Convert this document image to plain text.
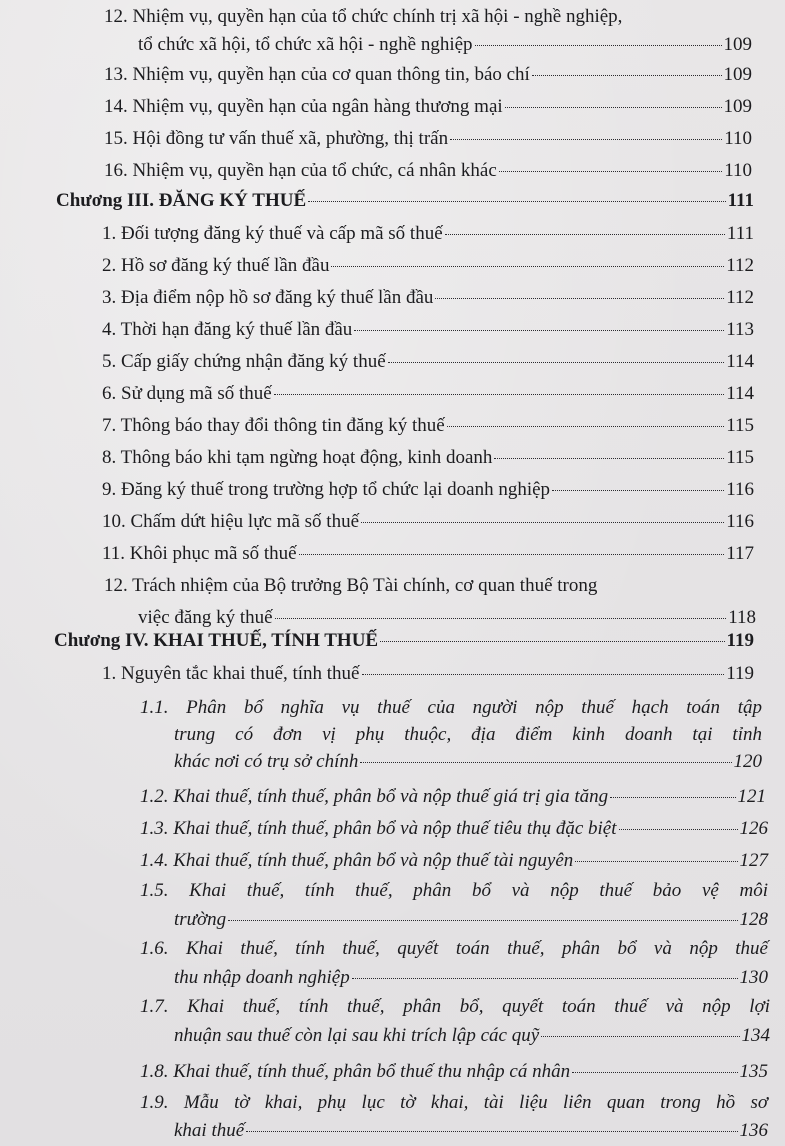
12. Nhiệm vụ, quyền hạn của tổ chức chính trị xã hội - nghề nghiệp,
tổ chức xã hội, tổ chức xã hội - nghề nghiệp	109
13. Nhiệm vụ, quyền hạn của cơ quan thông tin, báo chí	109
14. Nhiệm vụ, quyền hạn của ngân hàng thương mại	109
15. Hội đồng tư vấn thuế xã, phường, thị trấn	110
16. Nhiệm vụ, quyền hạn của tổ chức, cá nhân khác	110
Chương III. ĐĂNG KÝ THUẾ	111
1. Đối tượng đăng ký thuế và cấp mã số thuế	111
2. Hồ sơ đăng ký thuế lần đầu	112
3. Địa điểm nộp hồ sơ đăng ký thuế lần đầu	112
4. Thời hạn đăng ký thuế lần đầu	113
5. Cấp giấy chứng nhận đăng ký thuế	114
6. Sử dụng mã số thuế	114
7. Thông báo thay đổi thông tin đăng ký thuế	115
8. Thông báo khi tạm ngừng hoạt động, kinh doanh	115
9. Đăng ký thuế trong trường hợp tổ chức lại doanh nghiệp	116
10. Chấm dứt hiệu lực mã số thuế	116
11. Khôi phục mã số thuế	117
12. Trách nhiệm của Bộ trưởng Bộ Tài chính, cơ quan thuế trong
việc đăng ký thuế	118
Chương IV. KHAI THUẾ, TÍNH THUẾ	119
1. Nguyên tắc khai thuế, tính thuế	119
1.1. Phân bổ nghĩa vụ thuế của người nộp thuế hạch toán tập
trung có đơn vị phụ thuộc, địa điểm kinh doanh tại tỉnh
khác nơi có trụ sở chính	120
1.2. Khai thuế, tính thuế, phân bổ và nộp thuế giá trị gia tăng	121
1.3. Khai thuế, tính thuế, phân bổ và nộp thuế tiêu thụ đặc biệt	126
1.4. Khai thuế, tính thuế, phân bổ và nộp thuế tài nguyên	127
1.5. Khai thuế, tính thuế, phân bổ và nộp thuế bảo vệ môi
trường	128
1.6. Khai thuế, tính thuế, quyết toán thuế, phân bổ và nộp thuế
thu nhập doanh nghiệp	130
1.7. Khai thuế, tính thuế, phân bổ, quyết toán thuế và nộp lợi
nhuận sau thuế còn lại sau khi trích lập các quỹ	134
1.8. Khai thuế, tính thuế, phân bổ thuế thu nhập cá nhân	135
1.9. Mẫu tờ khai, phụ lục tờ khai, tài liệu liên quan trong hồ sơ
khai thuế	136
